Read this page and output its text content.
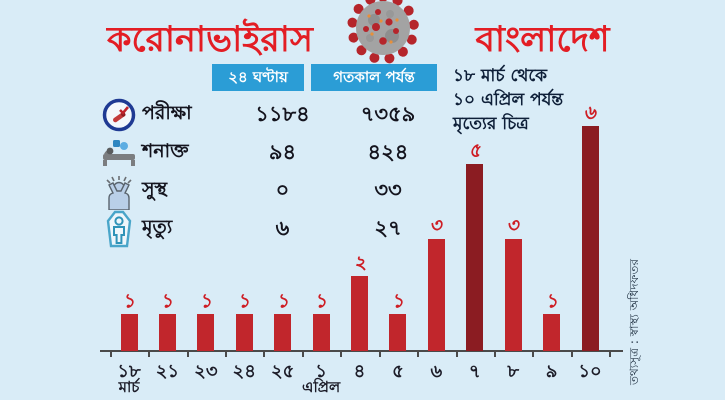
করোনাভাইরাস	বাংলাদেশ
২৪ ঘণ্টায়	গতকাল পর্যন্ত
পরীক্ষা	১১৮৪	৭৩৫৯
শনাক্ত	৯৪	৪২৪
সুস্থ	০	৩৩
মৃত্যু	৬	২৭
১৮ মার্চ থেকে
১০ এপ্রিল পর্যন্ত
মৃত্যের চিত্র
১
১৮
১
২১
১
২৩
১
২৪
১
২৫
১
১
২
৪
১
৫
৩
৬
৫
৭
৩
৮
১
৯
৬
১০
মার্চ	এপ্রিল
তথ্যসূত্র : স্বাস্থ্য অধিদফতর
